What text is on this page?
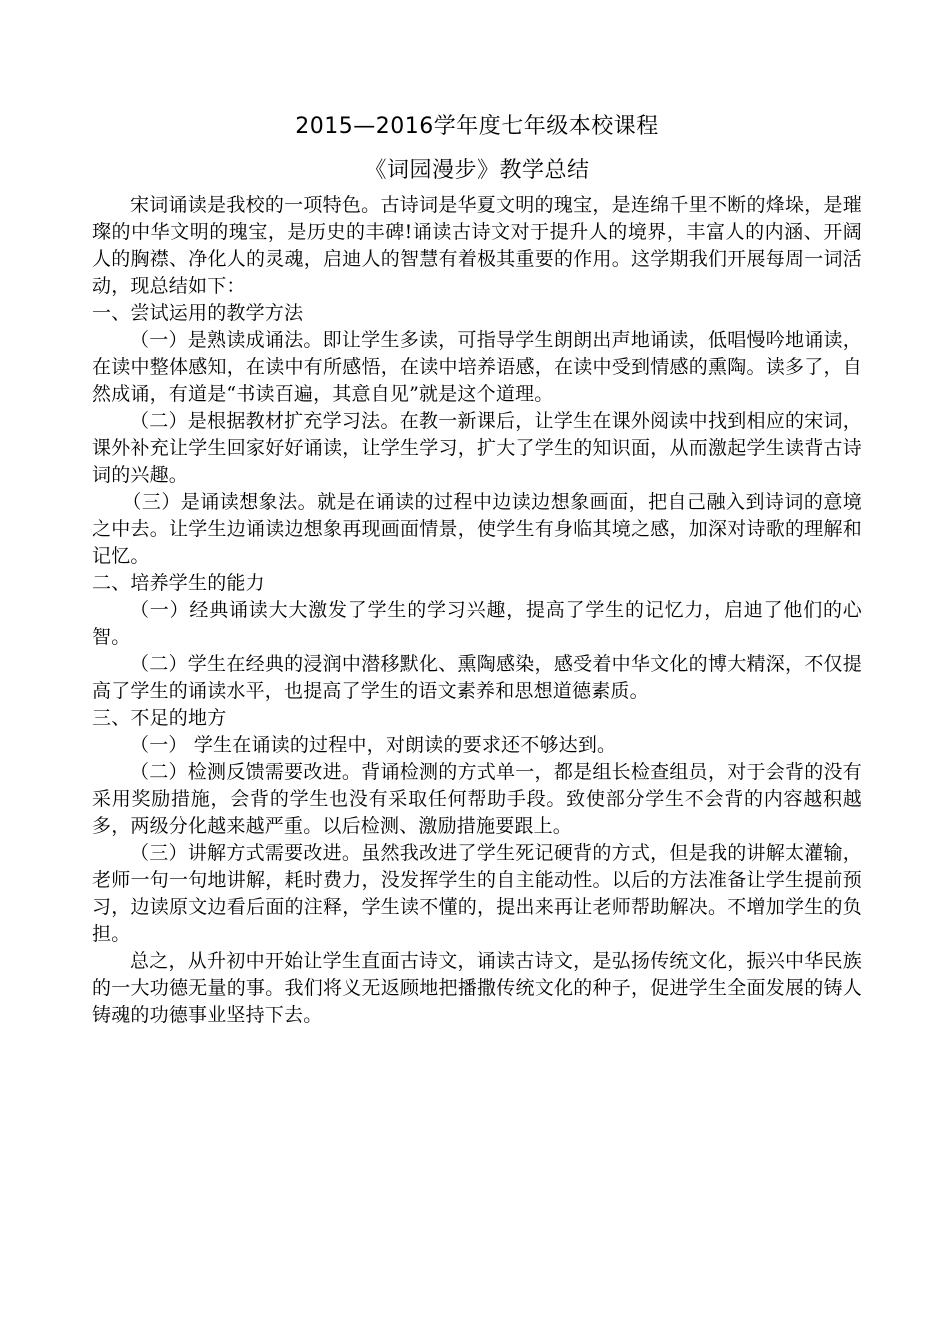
2015—2016学年度七年级本校课程

《词园漫步》教学总结

宋词诵读是我校的一项特色。古诗词是华夏文明的瑰宝，是连绵千里不断的烽垛，是璀璨的中华文明的瑰宝，是历史的丰碑!诵读古诗文对于提升人的境界，丰富人的内涵、开阔人的胸襟、净化人的灵魂，启迪人的智慧有着极其重要的作用。这学期我们开展每周一词活动，现总结如下：

一、尝试运用的教学方法

（一）是熟读成诵法。即让学生多读，可指导学生朗朗出声地诵读，低唱慢吟地诵读，在读中整体感知，在读中有所感悟，在读中培养语感，在读中受到情感的熏陶。读多了，自然成诵，有道是“书读百遍，其意自见”就是这个道理。

（二）是根据教材扩充学习法。在教一新课后，让学生在课外阅读中找到相应的宋词，课外补充让学生回家好好诵读，让学生学习，扩大了学生的知识面，从而激起学生读背古诗词的兴趣。

（三）是诵读想象法。就是在诵读的过程中边读边想象画面，把自己融入到诗词的意境之中去。让学生边诵读边想象再现画面情景，使学生有身临其境之感，加深对诗歌的理解和记忆。

二、培养学生的能力

（一）经典诵读大大激发了学生的学习兴趣，提高了学生的记忆力，启迪了他们的心智。

（二）学生在经典的浸润中潜移默化、熏陶感染，感受着中华文化的博大精深，不仅提高了学生的诵读水平，也提高了学生的语文素养和思想道德素质。

三、不足的地方

（一） 学生在诵读的过程中，对朗读的要求还不够达到。

（二）检测反馈需要改进。背诵检测的方式单一，都是组长检查组员，对于会背的没有采用奖励措施，会背的学生也没有采取任何帮助手段。致使部分学生不会背的内容越积越多，两级分化越来越严重。以后检测、激励措施要跟上。

（三）讲解方式需要改进。虽然我改进了学生死记硬背的方式，但是我的讲解太灌输，老师一句一句地讲解，耗时费力，没发挥学生的自主能动性。以后的方法准备让学生提前预习，边读原文边看后面的注释，学生读不懂的，提出来再让老师帮助解决。不增加学生的负担。

总之，从升初中开始让学生直面古诗文，诵读古诗文，是弘扬传统文化，振兴中华民族的一大功德无量的事。我们将义无返顾地把播撒传统文化的种子，促进学生全面发展的铸人铸魂的功德事业坚持下去。
